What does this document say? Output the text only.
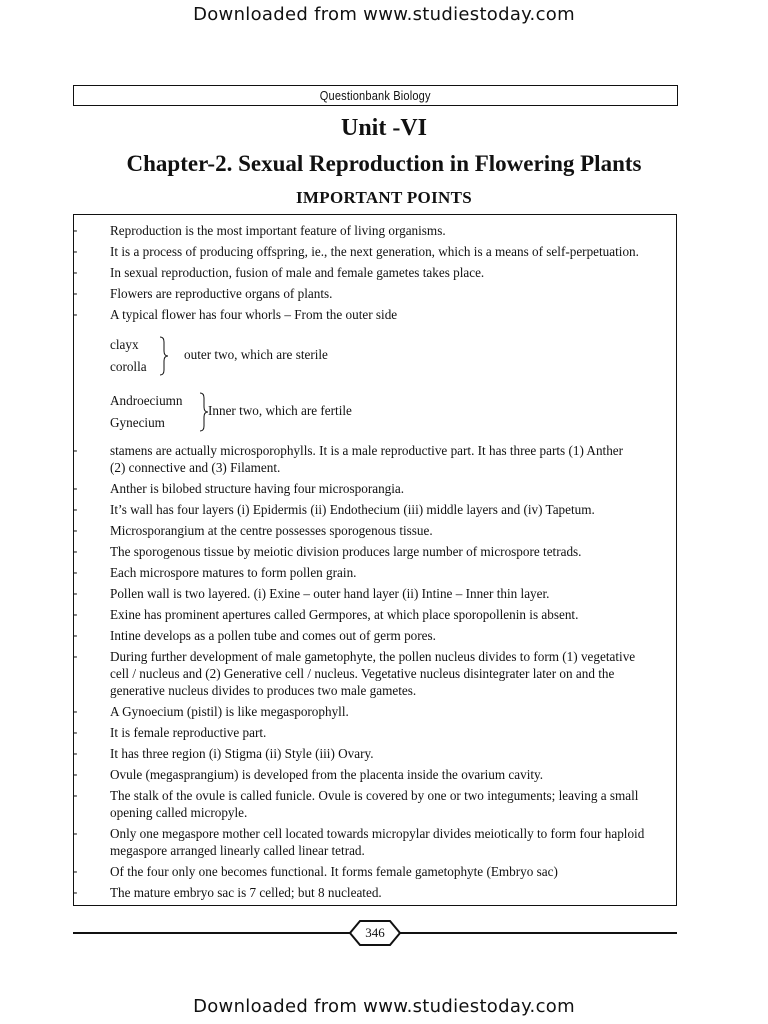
Downloaded from www.studiestoday.com
Questionbank Biology
Unit -VI
Chapter-2. Sexual Reproduction in Flowering Plants
IMPORTANT POINTS
-	Reproduction is the most important feature of living organisms.
-	It is a process of producing offspring, ie., the next generation, which is a means of self-perpetuation.
-	In sexual reproduction, fusion of male and female gametes takes place.
-	Flowers are reproductive organs of plants.
-	A typical flower has four whorls – From the outer side
clayx
corolla
outer two, which are sterile
Androeciumn
Gynecium
Inner two, which are fertile
-	stamens are actually microsporophylls. It is a male reproductive part. It has three parts (1) Anther
(2) connective and (3) Filament.
-	Anther is bilobed structure having four microsporangia.
-	It’s wall has four layers (i) Epidermis (ii) Endothecium (iii) middle layers and (iv) Tapetum.
-	Microsporangium at the centre possesses sporogenous tissue.
-	The sporogenous tissue by meiotic division produces large number of microspore tetrads.
-	Each microspore matures to form pollen grain.
-	Pollen wall is two layered. (i) Exine – outer hand layer (ii) Intine – Inner thin layer.
-	Exine has prominent apertures called Germpores, at which place sporopollenin is absent.
-	Intine develops as a pollen tube and comes out of germ pores.
-	During further development of male gametophyte, the pollen nucleus divides to form (1) vegetative
cell / nucleus and (2) Generative cell / nucleus. Vegetative nucleus disintegrater later on and the
generative nucleus divides to produces two male gametes.
-	A Gynoecium (pistil) is like megasporophyll.
-	It is female reproductive part.
-	It has three region (i) Stigma (ii) Style (iii) Ovary.
-	Ovule (megasprangium) is developed from the placenta inside the ovarium cavity.
-	The stalk of the ovule is called funicle. Ovule is covered by one or two integuments; leaving a small
opening called micropyle.
-	Only one megaspore mother cell located towards micropylar divides meiotically to form four haploid
megaspore arranged linearly called linear tetrad.
-	Of the four only one becomes functional. It forms female gametophyte (Embryo sac)
-	The mature embryo sac is 7 celled; but 8 nucleated.
346
Downloaded from www.studiestoday.com
